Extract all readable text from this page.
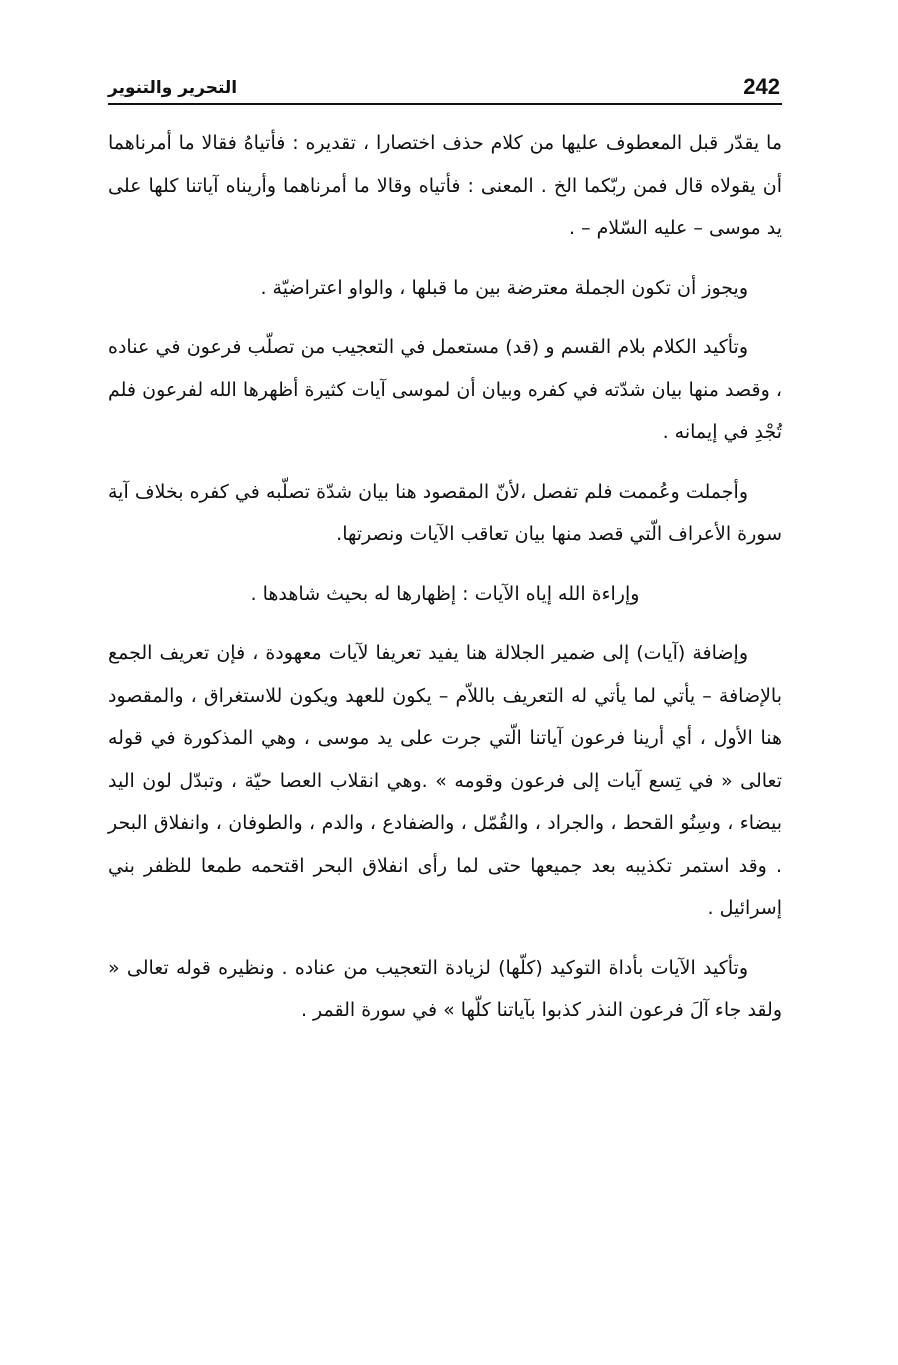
242
التحرير والتنوير

ما يقدّر قبل المعطوف عليها من كلام حذف اختصارا ، تقديره : فأتياهُ فقالا ما أمرناهما أن يقولاه قال فمن ربّكما الخ . المعنى : فأتياه وقالا ما أمرناهما وأريناه آياتنا كلها على يد موسى – عليه السّلام – .

ويجوز أن تكون الجملة معترضة بين ما قبلها ، والواو اعتراضيّة .

وتأكيد الكلام بلام القسم و (قد) مستعمل في التعجيب من تصلّب فرعون في عناده ، وقصد منها بيان شدّته في كفره وبيان أن لموسى آيات كثيرة أظهرها الله لفرعون فلم تُجْدِ في إيمانه .

وأجملت وعُممت فلم تفصل ،لأنّ المقصود هنا بيان شدّة تصلّبه في كفره بخلاف آية سورة الأعراف الّتي قصد منها بيان تعاقب الآيات ونصرتها.

وإراءة الله إياه الآيات : إظهارها له بحيث شاهدها .

وإضافة (آيات) إلى ضمير الجلالة هنا يفيد تعريفا لآيات معهودة ، فإن تعريف الجمع بالإضافة – يأتي لما يأتي له التعريف باللاّم – يكون للعهد ويكون للاستغراق ، والمقصود هنا الأول ، أي أرينا فرعون آياتنا الّتي جرت على يد موسى ، وهي المذكورة في قوله تعالى « في تِسع آيات إلى فرعون وقومه » .وهي انقلاب العصا حيّة ، وتبدّل لون اليد بيضاء ، وسِنُو القحط ، والجراد ، والقُمّل ، والضفادع ، والدم ، والطوفان ، وانفلاق البحر . وقد استمر تكذيبه بعد جميعها حتى لما رأى انفلاق البحر اقتحمه طمعا للظفر بني إسرائيل .

وتأكيد الآيات بأداة التوكيد (كلّها) لزيادة التعجيب من عناده . ونظيره قوله تعالى « ولقد جاء آلَ فرعون النذر كذبوا بآياتنا كلّها » في سورة القمر .
